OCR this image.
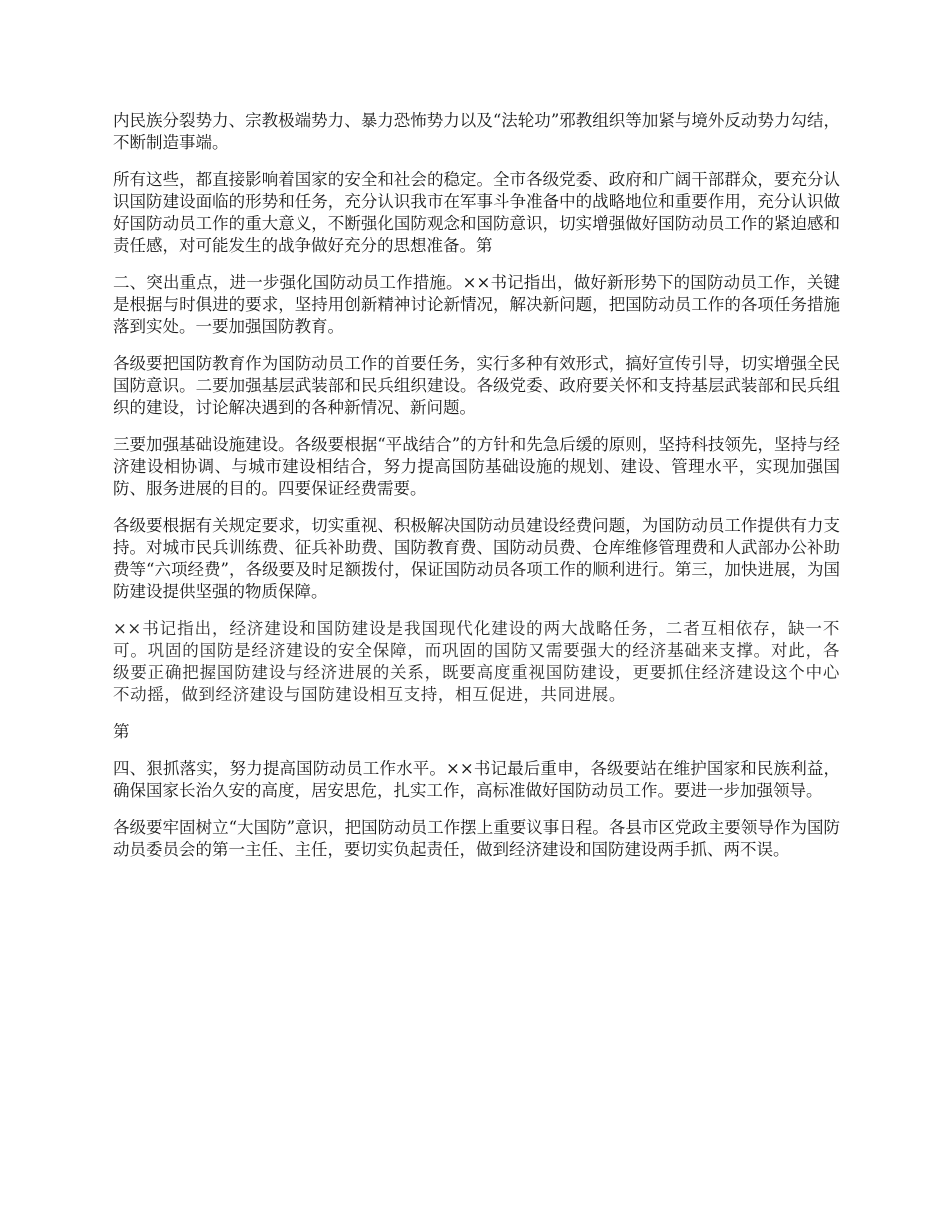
内民族分裂势力、宗教极端势力、暴力恐怖势力以及“法轮功”邪教组织等加紧与境外反动势力勾结，不断制造事端。

所有这些，都直接影响着国家的安全和社会的稳定。全市各级党委、政府和广阔干部群众，要充分认识国防建设面临的形势和任务，充分认识我市在军事斗争准备中的战略地位和重要作用，充分认识做好国防动员工作的重大意义，不断强化国防观念和国防意识，切实增强做好国防动员工作的紧迫感和责任感，对可能发生的战争做好充分的思想准备。第

二、突出重点，进一步强化国防动员工作措施。××书记指出，做好新形势下的国防动员工作，关键是根据与时俱进的要求，坚持用创新精神讨论新情况，解决新问题，把国防动员工作的各项任务措施落到实处。一要加强国防教育。

各级要把国防教育作为国防动员工作的首要任务，实行多种有效形式，搞好宣传引导，切实增强全民国防意识。二要加强基层武装部和民兵组织建设。各级党委、政府要关怀和支持基层武装部和民兵组织的建设，讨论解决遇到的各种新情况、新问题。

三要加强基础设施建设。各级要根据“平战结合”的方针和先急后缓的原则，坚持科技领先，坚持与经济建设相协调、与城市建设相结合，努力提高国防基础设施的规划、建设、管理水平，实现加强国防、服务进展的目的。四要保证经费需要。

各级要根据有关规定要求，切实重视、积极解决国防动员建设经费问题，为国防动员工作提供有力支持。对城市民兵训练费、征兵补助费、国防教育费、国防动员费、仓库维修管理费和人武部办公补助费等“六项经费”，各级要及时足额拨付，保证国防动员各项工作的顺利进行。第三，加快进展，为国防建设提供坚强的物质保障。

××书记指出，经济建设和国防建设是我国现代化建设的两大战略任务，二者互相依存，缺一不可。巩固的国防是经济建设的安全保障，而巩固的国防又需要强大的经济基础来支撑。对此，各级要正确把握国防建设与经济进展的关系，既要高度重视国防建设，更要抓住经济建设这个中心不动摇，做到经济建设与国防建设相互支持，相互促进，共同进展。

第

四、狠抓落实，努力提高国防动员工作水平。××书记最后重申，各级要站在维护国家和民族利益，确保国家长治久安的高度，居安思危，扎实工作，高标准做好国防动员工作。要进一步加强领导。

各级要牢固树立“大国防”意识，把国防动员工作摆上重要议事日程。各县市区党政主要领导作为国防动员委员会的第一主任、主任，要切实负起责任，做到经济建设和国防建设两手抓、两不误。
